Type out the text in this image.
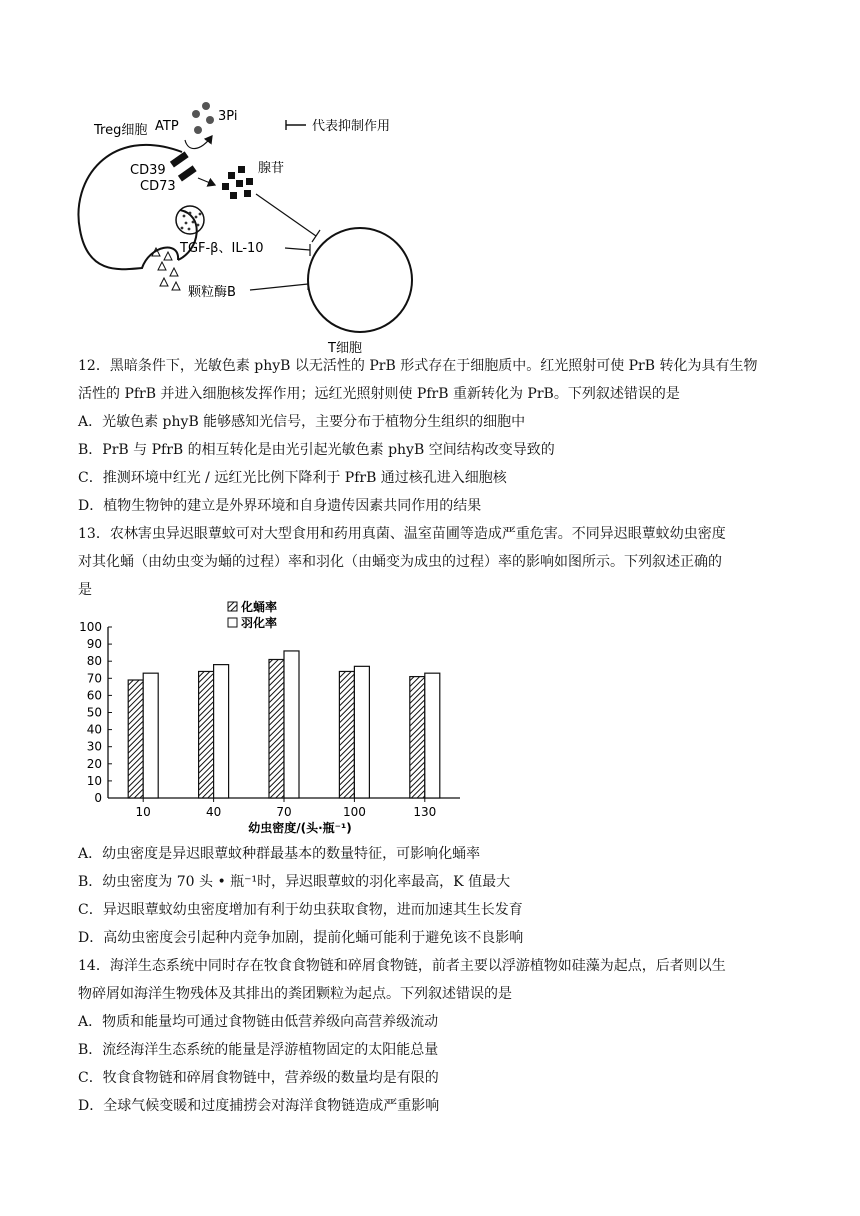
Treg细胞
CD39
CD73
ATP
3Pi
代表抑制作用
腺苷
TGF-β、IL-10
颗粒酶B
T细胞

12．黑暗条件下，光敏色素 phyB 以无活性的 PrB 形式存在于细胞质中。红光照射可使 PrB 转化为具有生物

活性的 PfrB 并进入细胞核发挥作用；远红光照射则使 PfrB 重新转化为 PrB。下列叙述错误的是

A．光敏色素 phyB 能够感知光信号，主要分布于植物分生组织的细胞中

B．PrB 与 PfrB 的相互转化是由光引起光敏色素 phyB 空间结构改变导致的

C．推测环境中红光 / 远红光比例下降利于 PfrB 通过核孔进入细胞核

D．植物生物钟的建立是外界环境和自身遗传因素共同作用的结果

13．农林害虫异迟眼蕈蚊可对大型食用和药用真菌、温室苗圃等造成严重危害。不同异迟眼蕈蚊幼虫密度

对其化蛹（由幼虫变为蛹的过程）率和羽化（由蛹变为成虫的过程）率的影响如图所示。下列叙述正确的

是

化蛹率
羽化率
0
10
20
30
40
50
60
70
80
90
100
10	40	70	100	130
幼虫密度/(头·瓶⁻¹)

A．幼虫密度是异迟眼蕈蚊种群最基本的数量特征，可影响化蛹率

B．幼虫密度为 70 头 • 瓶⁻¹时，异迟眼蕈蚊的羽化率最高，K 值最大

C．异迟眼蕈蚊幼虫密度增加有利于幼虫获取食物，进而加速其生长发育

D．高幼虫密度会引起种内竞争加剧，提前化蛹可能利于避免该不良影响

14．海洋生态系统中同时存在牧食食物链和碎屑食物链，前者主要以浮游植物如硅藻为起点，后者则以生

物碎屑如海洋生物残体及其排出的粪团颗粒为起点。下列叙述错误的是

A．物质和能量均可通过食物链由低营养级向高营养级流动

B．流经海洋生态系统的能量是浮游植物固定的太阳能总量

C．牧食食物链和碎屑食物链中，营养级的数量均是有限的

D．全球气候变暖和过度捕捞会对海洋食物链造成严重影响
